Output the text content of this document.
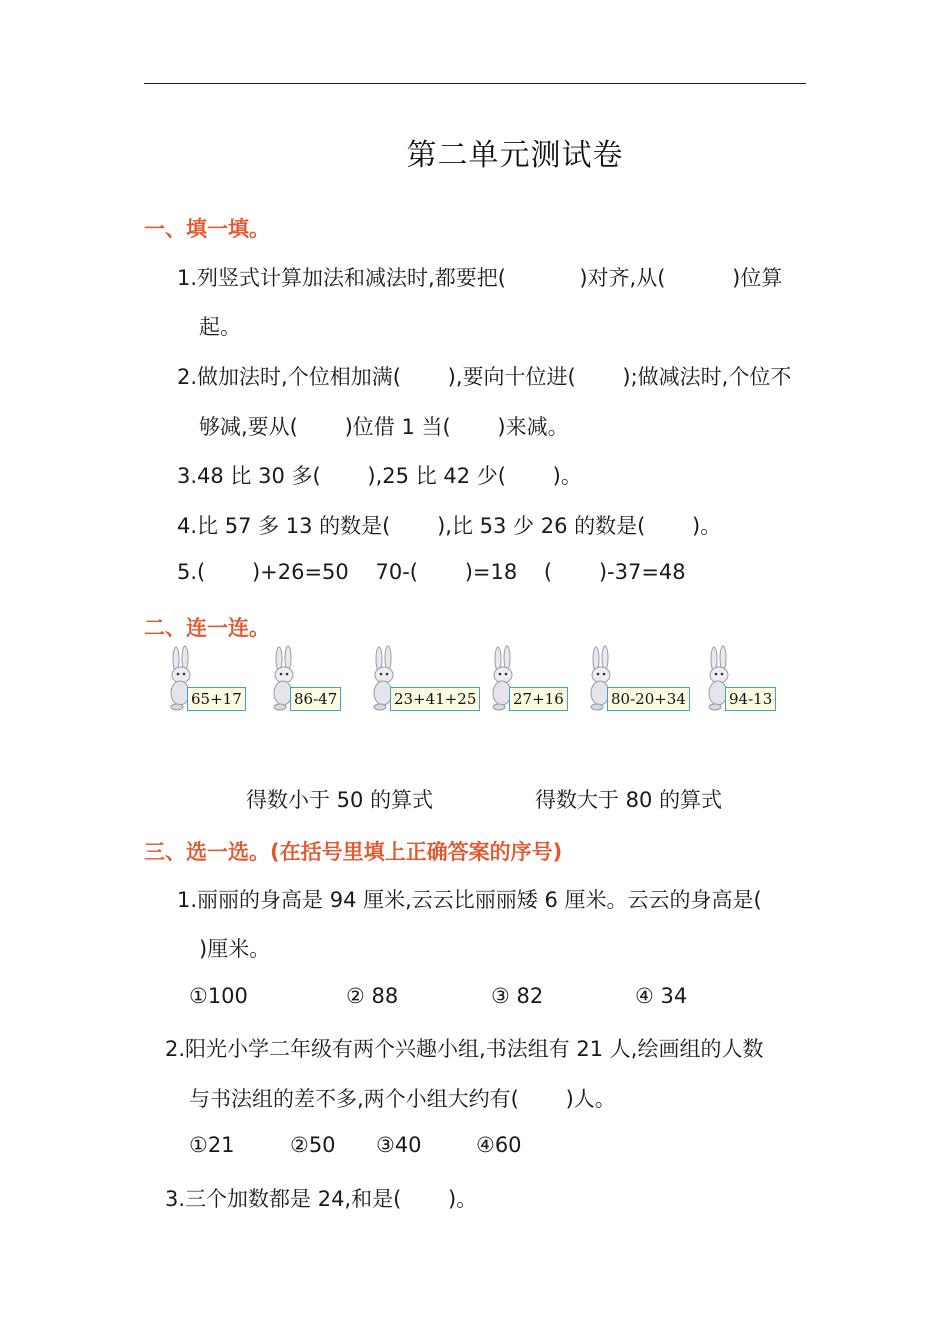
第二单元测试卷
一、填一填。
1.列竖式计算加法和减法时,都要把(           )对齐,从(          )位算
起。
2.做加法时,个位相加满(       ),要向十位进(       );做减法时,个位不
够减,要从(       )位借 1 当(       )来减。
3.48 比 30 多(       ),25 比 42 少(       )。
4.比 57 多 13 的数是(       ),比 53 少 26 的数是(       )。
5.(       )+26=50    70-(       )=18    (       )-37=48
二、连一连。
65+17	86-47	23+41+25 27+16	80-20+34	94-13
得数小于 50 的算式	得数大于 80 的算式
三、选一选。(在括号里填上正确答案的序号)
1.丽丽的身高是 94 厘米,云云比丽丽矮 6 厘米。云云的身高是(
)厘米。
①100	② 88	③ 82	④ 34
2.阳光小学二年级有两个兴趣小组,书法组有 21 人,绘画组的人数
与书法组的差不多,两个小组大约有(       )人。
①21	②50 ③40	④60
3.三个加数都是 24,和是(       )。
